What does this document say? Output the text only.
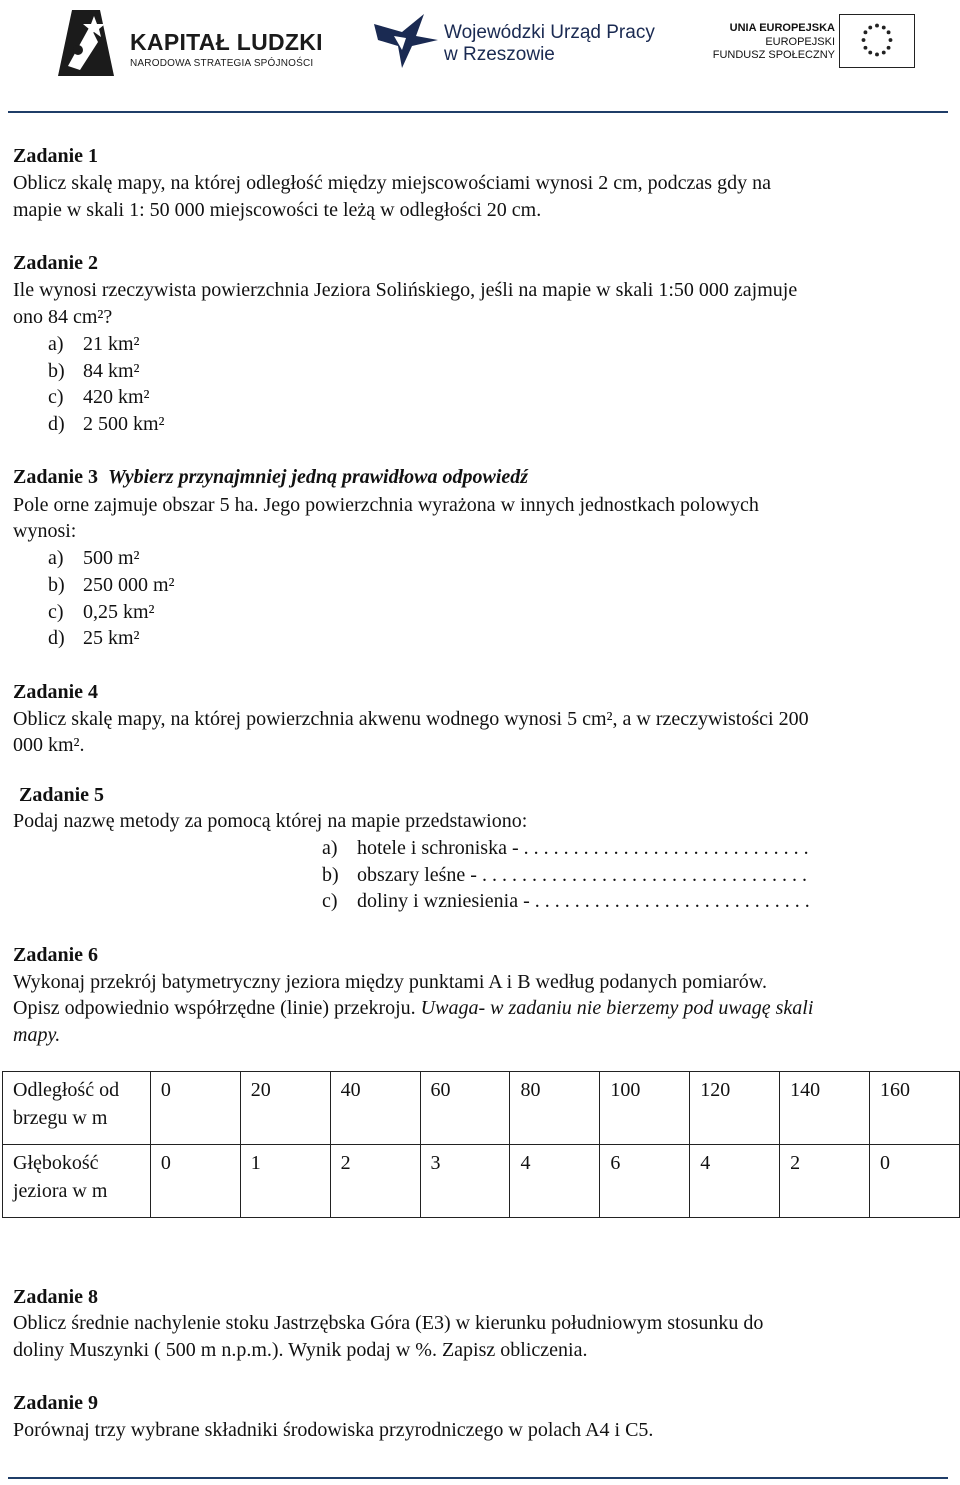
KAPITAŁ LUDZKI
NARODOWA STRATEGIA SPÓJNOŚCI
Wojewódzki Urząd Pracy
w Rzeszowie
UNIA EUROPEJSKA
EUROPEJSKI
FUNDUSZ SPOŁECZNY
Zadanie 1
Oblicz skalę mapy, na której odległość między miejscowościami wynosi 2 cm, podczas gdy na
mapie w skali 1: 50 000 miejscowości te leżą w odległości 20 cm.
Zadanie 2
Ile wynosi rzeczywista powierzchnia Jeziora Solińskiego, jeśli na mapie w skali 1:50 000 zajmuje
ono 84 cm²?
a) 21 km²
b) 84 km²
c) 420 km²
d) 2 500 km²
Zadanie 3 Wybierz przynajmniej jedną prawidłowa odpowiedź
Pole orne zajmuje obszar 5 ha. Jego powierzchnia wyrażona w innych jednostkach polowych
wynosi:
a) 500 m²
b) 250 000 m²
c) 0,25 km²
d) 25 km²
Zadanie 4
Oblicz skalę mapy, na której powierzchnia akwenu wodnego wynosi 5 cm², a w rzeczywistości 200
000 km².
Zadanie 5
Podaj nazwę metody za pomocą której na mapie przedstawiono:
a) hotele i schroniska - . . . . . . . . . . . . . . . . . . . . . . . . . . . . .
b) obszary leśne - . . . . . . . . . . . . . . . . . . . . . . . . . . . . . . . . .
c) doliny i wzniesienia - . . . . . . . . . . . . . . . . . . . . . . . . . . . .
Zadanie 6
Wykonaj przekrój batymetryczny jeziora między punktami A i B według podanych pomiarów.
Opisz odpowiednio współrzędne (linie) przekroju. Uwaga- w zadaniu nie bierzemy pod uwagę skali
mapy.
Odległość od
brzegu w m	0	20	40	60	80	100	120	140	160
Głębokość
jeziora w m	0	1	2	3	4	6	4	2	0
Zadanie 8
Oblicz średnie nachylenie stoku Jastrzębska Góra (E3) w kierunku południowym stosunku do
doliny Muszynki ( 500 m n.p.m.). Wynik podaj w %. Zapisz obliczenia.
Zadanie 9
Porównaj trzy wybrane składniki środowiska przyrodniczego w polach A4 i C5.
